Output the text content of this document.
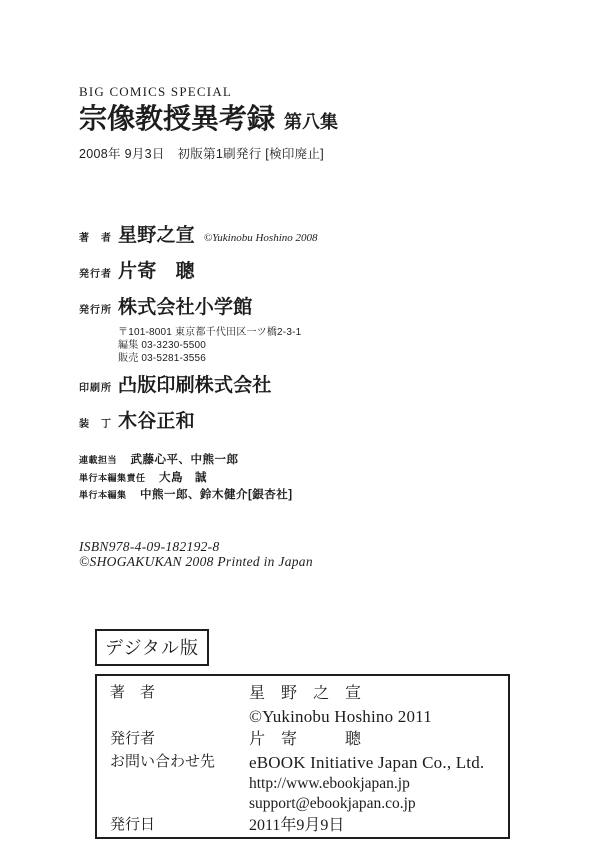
BIG COMICS SPECIAL
宗像教授異考録 第八集
2008年 9月3日　初版第1刷発行 [検印廃止]
著　者 星野之宣 ©Yukinobu Hoshino 2008
発行者 片寄　聰
発行所 株式会社小学館
〒101-8001 東京都千代田区一ツ橋2-3-1
編集 03-3230-5500
販売 03-5281-3556
印刷所 凸版印刷株式会社
装　丁 木谷正和
連載担当 武藤心平、中熊一郎
単行本編集責任 大島　誠
単行本編集 中熊一郎、鈴木健介[銀杏社]
ISBN978-4-09-182192-8
©SHOGAKUKAN 2008 Printed in Japan
デジタル版
著　者	星　野　之　宣
©Yukinobu Hoshino 2011
発行者	片　寄　　　聰
お問い合わせ先	eBOOK Initiative Japan Co., Ltd.
http://www.ebookjapan.jp
support@ebookjapan.co.jp
発行日	2011年9月9日
